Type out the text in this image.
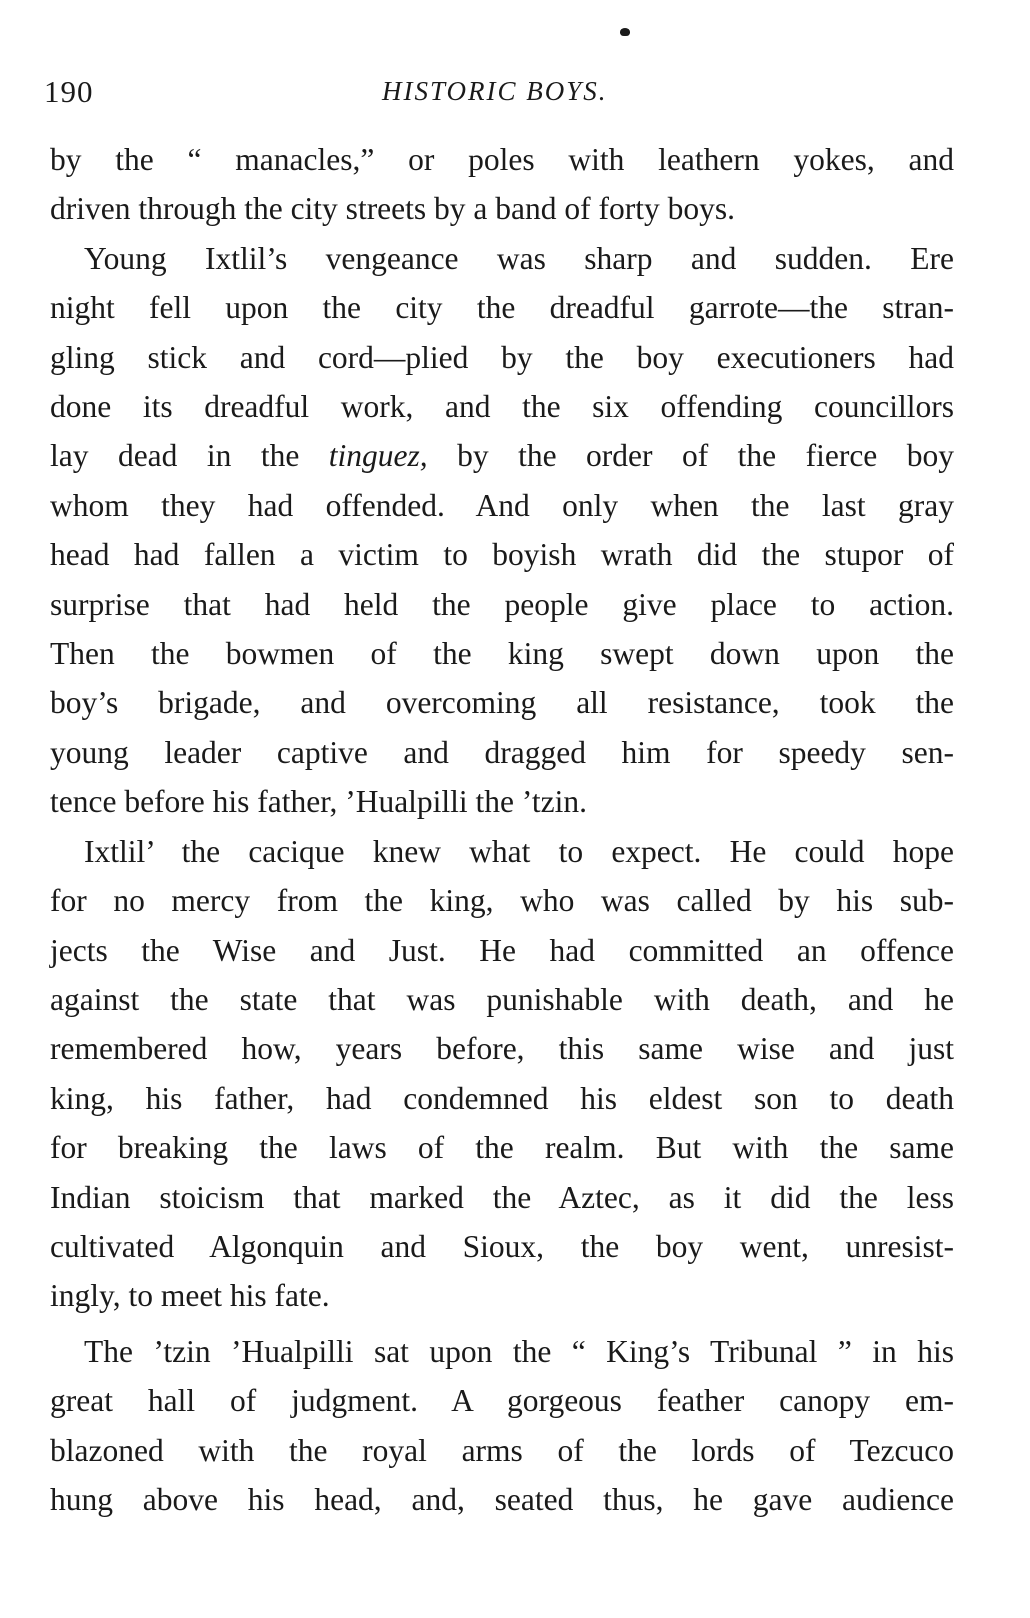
190	HISTORIC BOYS.

by the “ manacles,” or poles with leathern yokes, and
driven through the city streets by a band of forty boys.

Young Ixtlil’s vengeance was sharp and sudden. Ere
night fell upon the city the dreadful garrote—the stran-
gling stick and cord—plied by the boy executioners had
done its dreadful work, and the six offending councillors
lay dead in the tinguez, by the order of the fierce boy
whom they had offended. And only when the last gray
head had fallen a victim to boyish wrath did the stupor of
surprise that had held the people give place to action.
Then the bowmen of the king swept down upon the
boy’s brigade, and overcoming all resistance, took the
young leader captive and dragged him for speedy sen-
tence before his father, ’Hualpilli the ’tzin.

Ixtlil’ the cacique knew what to expect. He could hope
for no mercy from the king, who was called by his sub-
jects the Wise and Just. He had committed an offence
against the state that was punishable with death, and he
remembered how, years before, this same wise and just
king, his father, had condemned his eldest son to death
for breaking the laws of the realm. But with the same
Indian stoicism that marked the Aztec, as it did the less
cultivated Algonquin and Sioux, the boy went, unresist-
ingly, to meet his fate.

The ’tzin ’Hualpilli sat upon the “ King’s Tribunal ” in his
great hall of judgment. A gorgeous feather canopy em-
blazoned with the royal arms of the lords of Tezcuco
hung above his head, and, seated thus, he gave audience
